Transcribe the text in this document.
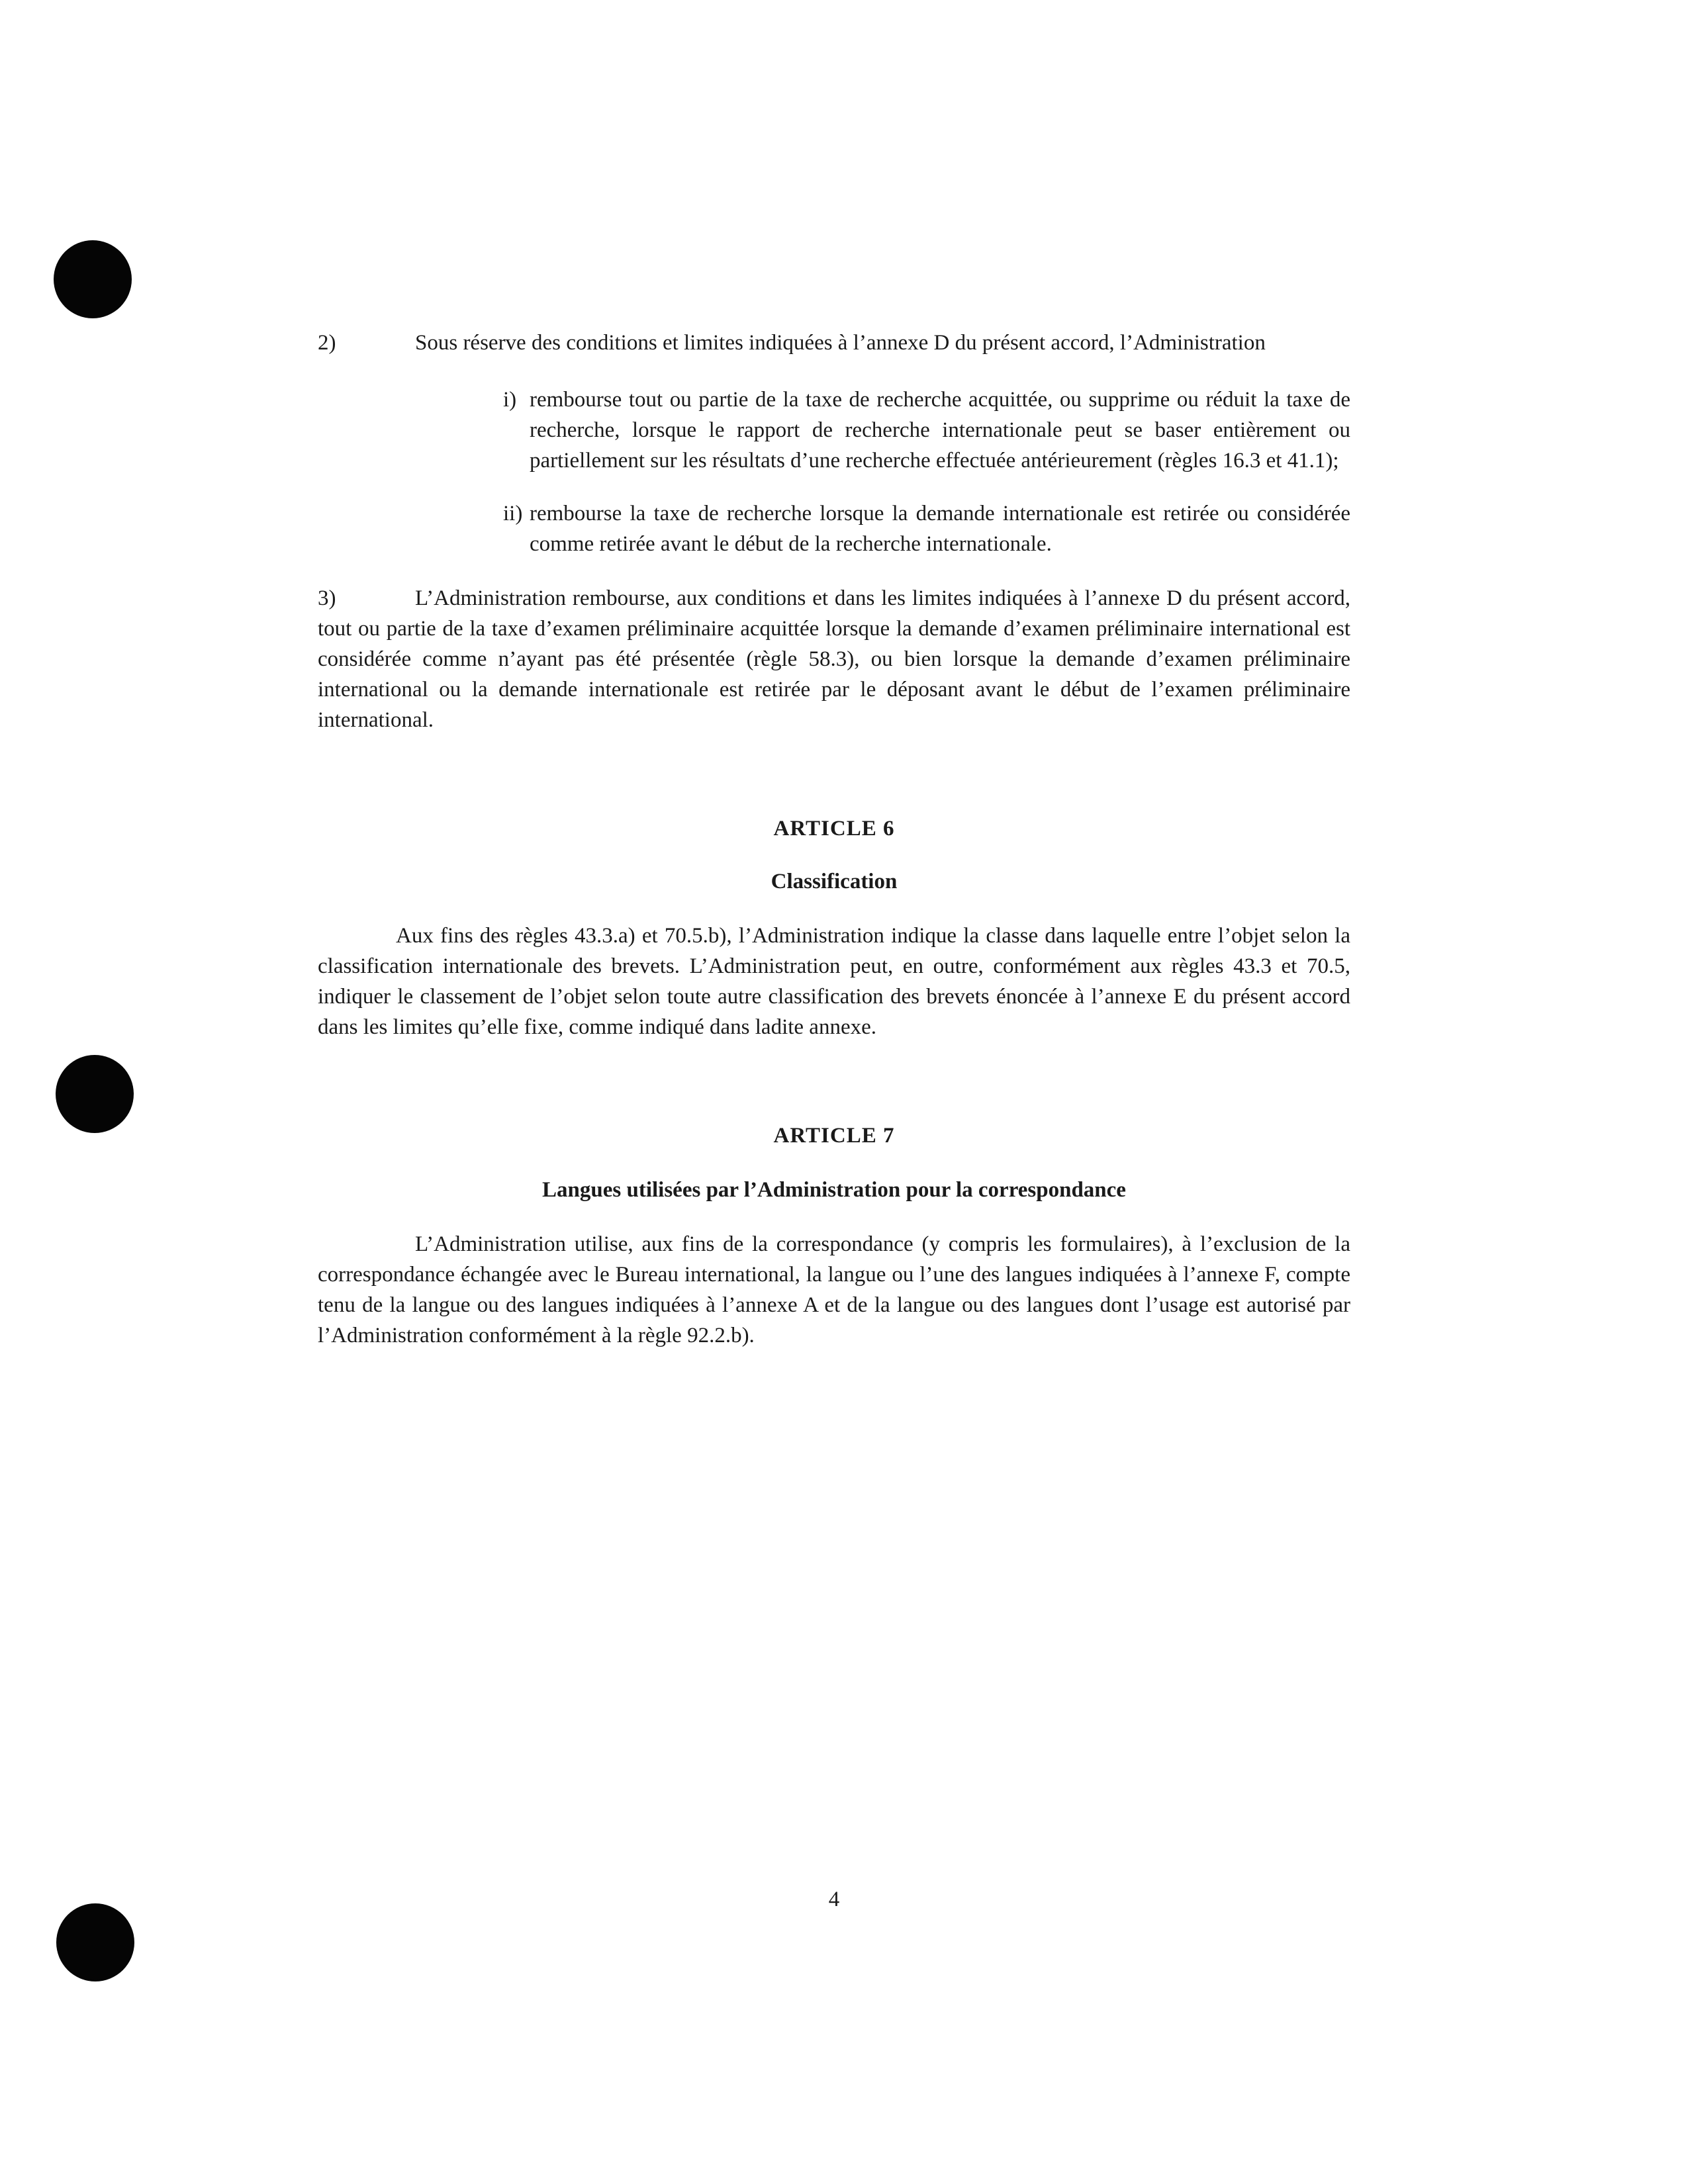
2)	Sous réserve des conditions et limites indiquées à l’annexe D du présent accord, l’Administration

i) rembourse tout ou partie de la taxe de recherche acquittée, ou supprime ou réduit la taxe de recherche, lorsque le rapport de recherche internationale peut se baser entièrement ou partiellement sur les résultats d’une recherche effectuée antérieurement (règles 16.3 et 41.1);
ii) rembourse la taxe de recherche lorsque la demande internationale est retirée ou considérée comme retirée avant le début de la recherche internationale.

3)	L’Administration rembourse, aux conditions et dans les limites indiquées à l’annexe D du présent accord, tout ou partie de la taxe d’examen préliminaire acquittée lorsque la demande d’examen préliminaire international est considérée comme n’ayant pas été présentée (règle 58.3), ou bien lorsque la demande d’examen préliminaire international ou la demande internationale est retirée par le déposant avant le début de l’examen préliminaire international.

ARTICLE 6
Classification

Aux fins des règles 43.3.a) et 70.5.b), l’Administration indique la classe dans laquelle entre l’objet selon la classification internationale des brevets. L’Administration peut, en outre, conformément aux règles 43.3 et 70.5, indiquer le classement de l’objet selon toute autre classification des brevets énoncée à l’annexe E du présent accord dans les limites qu’elle fixe, comme indiqué dans ladite annexe.

ARTICLE 7
Langues utilisées par l’Administration pour la correspondance

L’Administration utilise, aux fins de la correspondance (y compris les formulaires), à l’exclusion de la correspondance échangée avec le Bureau international, la langue ou l’une des langues indiquées à l’annexe F, compte tenu de la langue ou des langues indiquées à l’annexe A et de la langue ou des langues dont l’usage est autorisé par l’Administration conformément à la règle 92.2.b).

4
